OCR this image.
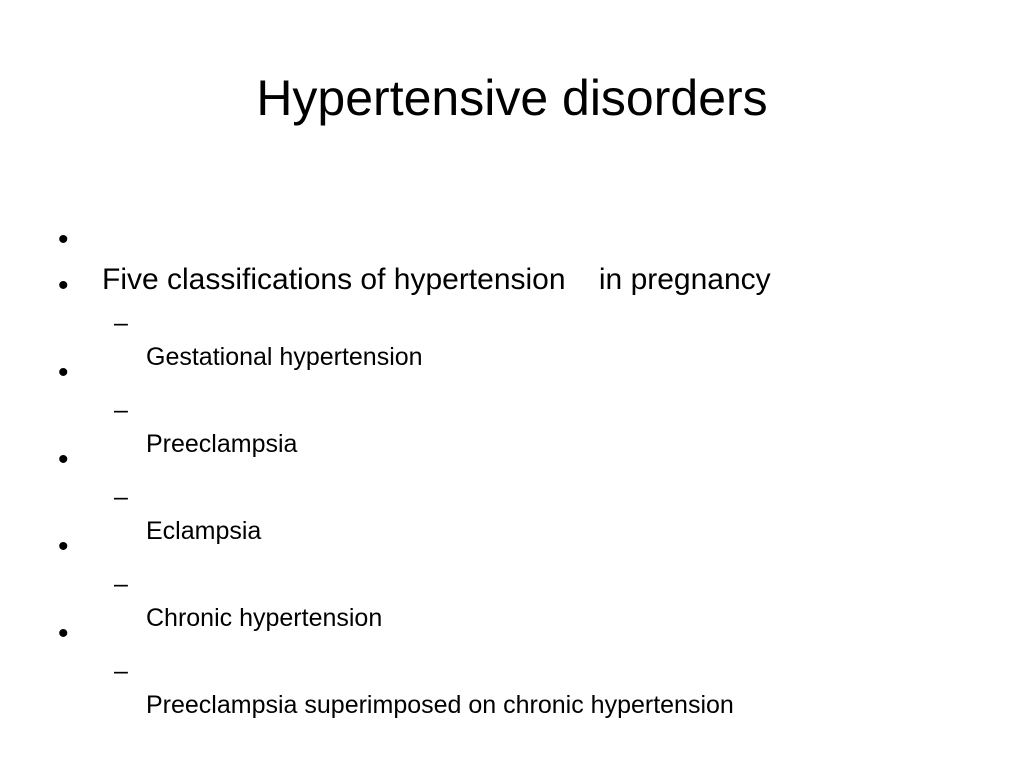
Hypertensive disorders

•

Five classifications of hypertension    in pregnancy

•

–

Gestational hypertension

•

–

Preeclampsia

•

–

Eclampsia

•

–

Chronic hypertension

•

–

Preeclampsia superimposed on chronic hypertension
